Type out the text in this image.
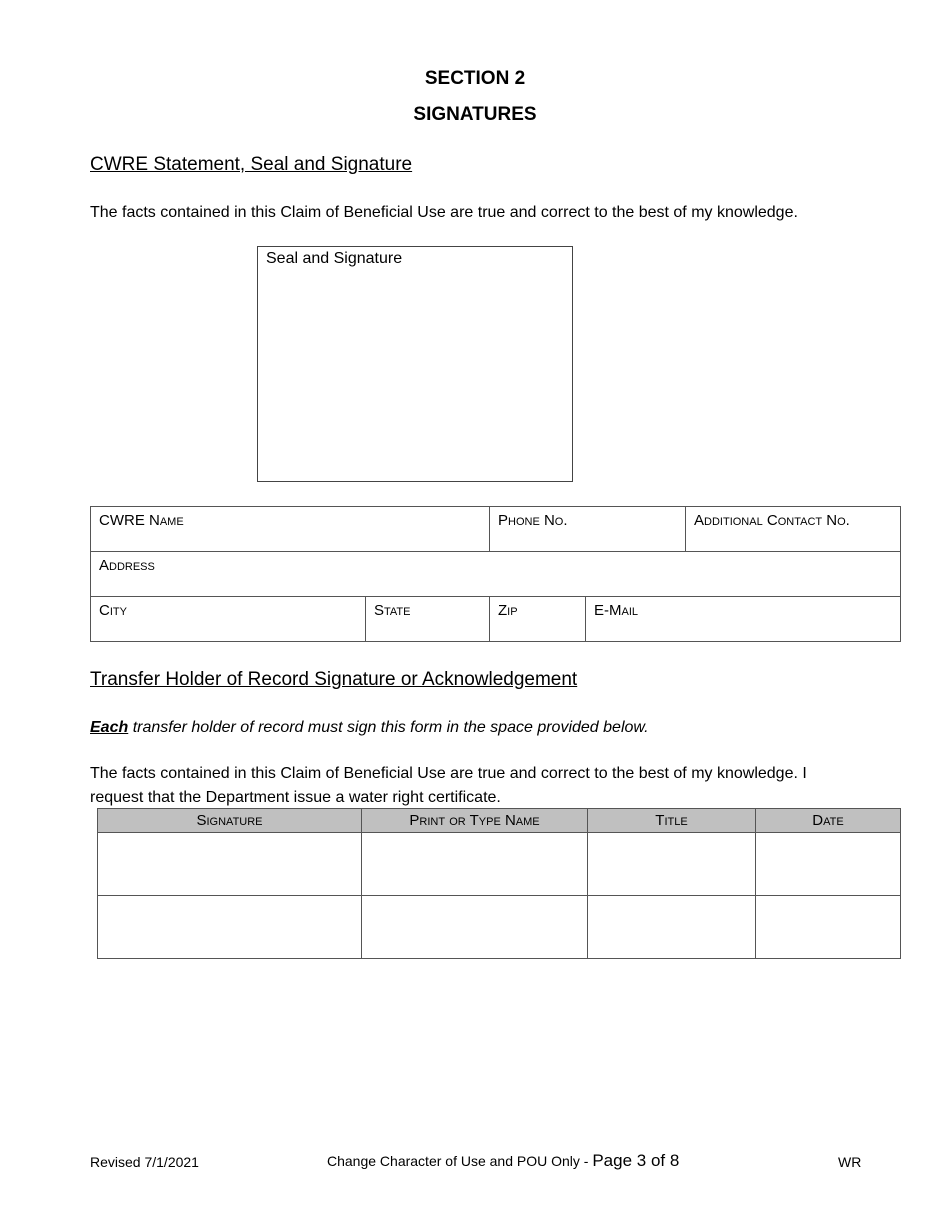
SECTION 2
SIGNATURES
CWRE Statement, Seal and Signature
The facts contained in this Claim of Beneficial Use are true and correct to the best of my knowledge.
Seal and Signature
CWRE Name		Phone No.		Additional Contact No.
Address				
City	State	Zip	E-Mail	
Transfer Holder of Record Signature or Acknowledgement
Each transfer holder of record must sign this form in the space provided below.
The facts contained in this Claim of Beneficial Use are true and correct to the best of my knowledge. I
request that the Department issue a water right certificate.
Signature	Print or Type Name	Title	Date

Revised 7/1/2021	Change Character of Use and POU Only - Page 3 of 8	WR
